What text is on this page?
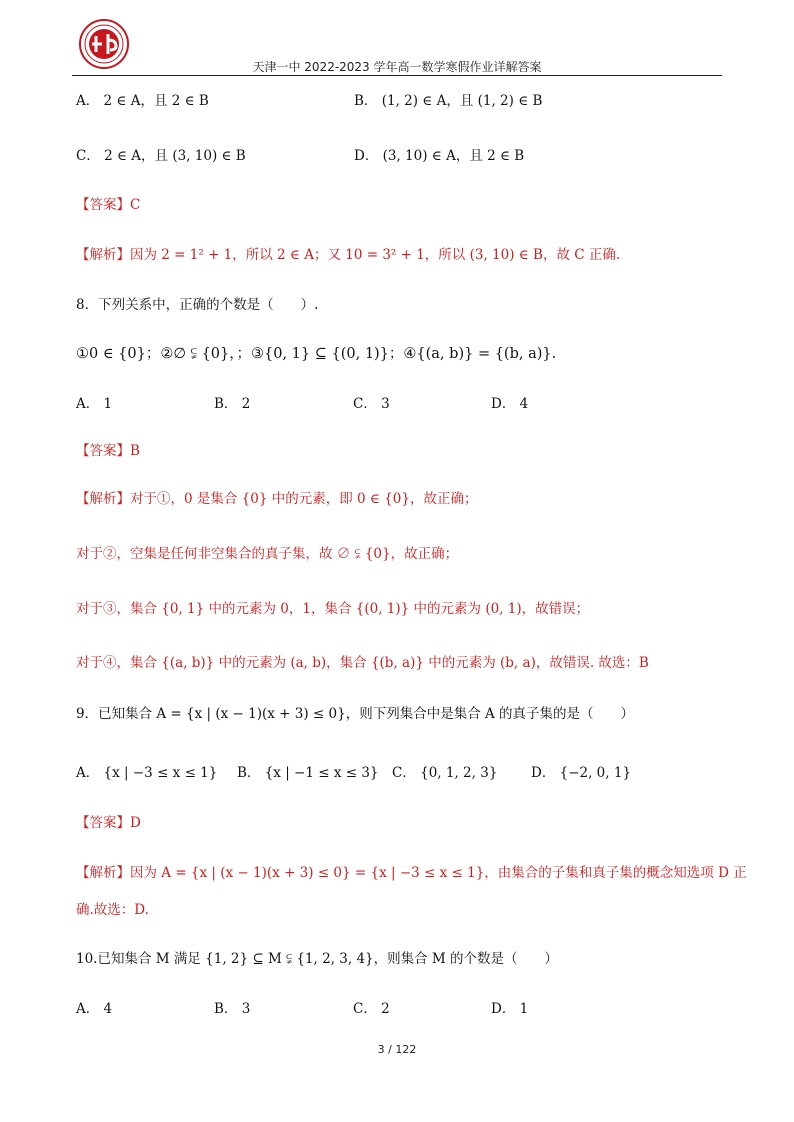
天津一中 2022-2023 学年高一数学寒假作业详解答案
A． 2 ∈ A，且 2 ∈ B	B． (1, 2) ∈ A，且 (1, 2) ∈ B
C． 2 ∈ A，且 (3, 10) ∈ B	D． (3, 10) ∈ A，且 2 ∈ B
【答案】C
【解析】因为 2 = 1² + 1，所以 2 ∈ A；又 10 = 3² + 1，所以 (3, 10) ∈ B，故 C 正确.
8．下列关系中，正确的个数是（　　）.
①0 ∈ {0}；②∅ ⫋ {0}，；③{0, 1} ⊆ {(0, 1)}；④{(a, b)} = {(b, a)}.
A． 1	B． 2	C． 3	D． 4
【答案】B
【解析】对于①，0 是集合 {0} 中的元素，即 0 ∈ {0}，故正确；
对于②，空集是任何非空集合的真子集，故 ∅ ⫋ {0}，故正确；
对于③，集合 {0, 1} 中的元素为 0，1，集合 {(0, 1)} 中的元素为 (0, 1)，故错误；
对于④，集合 {(a, b)} 中的元素为 (a, b)，集合 {(b, a)} 中的元素为 (b, a)，故错误. 故选：B
9．已知集合 A = {x | (x − 1)(x + 3) ≤ 0}，则下列集合中是集合 A 的真子集的是（　　）
A． {x | −3 ≤ x ≤ 1} B． {x | −1 ≤ x ≤ 3} C． {0, 1, 2, 3} D． {−2, 0, 1}
【答案】D
【解析】因为 A = {x | (x − 1)(x + 3) ≤ 0} = {x | −3 ≤ x ≤ 1}，由集合的子集和真子集的概念知选项 D 正
确.故选：D.
10.已知集合 M 满足 {1, 2} ⊆ M ⫋ {1, 2, 3, 4}，则集合 M 的个数是（　　）
A． 4	B． 3	C． 2	D． 1
3 / 122
